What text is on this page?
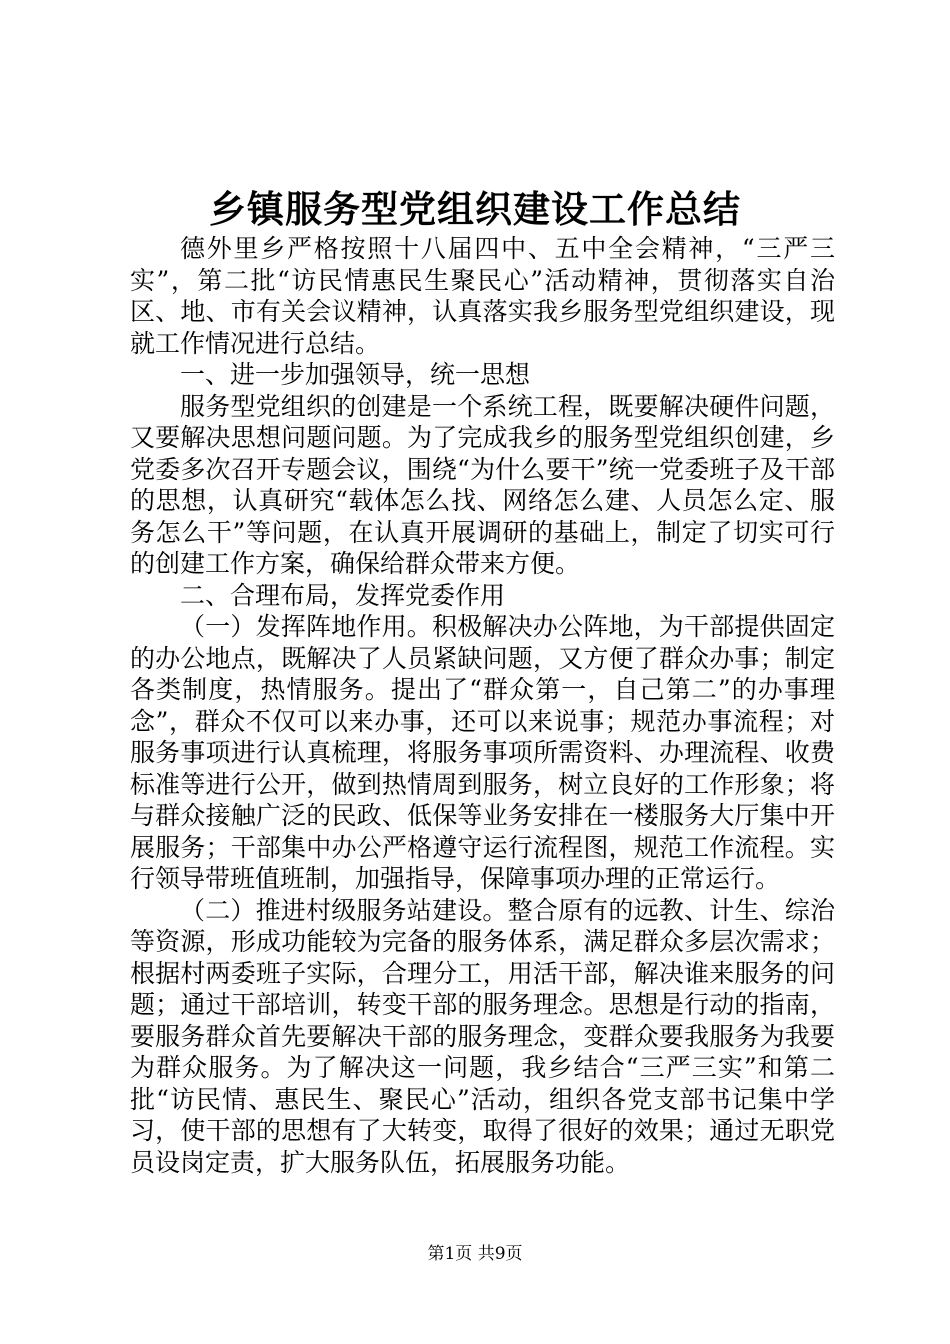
乡镇服务型党组织建设工作总结

德外里乡严格按照十八届四中、五中全会精神，“三严三实”，第二批“访民情惠民生聚民心”活动精神，贯彻落实自治区、地、市有关会议精神，认真落实我乡服务型党组织建设，现就工作情况进行总结。

一、进一步加强领导，统一思想

服务型党组织的创建是一个系统工程，既要解决硬件问题，又要解决思想问题问题。为了完成我乡的服务型党组织创建，乡党委多次召开专题会议，围绕“为什么要干”统一党委班子及干部的思想，认真研究“载体怎么找、网络怎么建、人员怎么定、服务怎么干”等问题，在认真开展调研的基础上，制定了切实可行的创建工作方案，确保给群众带来方便。

二、合理布局，发挥党委作用

（一）发挥阵地作用。积极解决办公阵地，为干部提供固定的办公地点，既解决了人员紧缺问题，又方便了群众办事；制定各类制度，热情服务。提出了“群众第一，自己第二”的办事理念”，群众不仅可以来办事，还可以来说事；规范办事流程；对服务事项进行认真梳理，将服务事项所需资料、办理流程、收费标准等进行公开，做到热情周到服务，树立良好的工作形象；将与群众接触广泛的民政、低保等业务安排在一楼服务大厅集中开展服务；干部集中办公严格遵守运行流程图，规范工作流程。实行领导带班值班制，加强指导，保障事项办理的正常运行。

（二）推进村级服务站建设。整合原有的远教、计生、综治等资源，形成功能较为完备的服务体系，满足群众多层次需求；根据村两委班子实际，合理分工，用活干部，解决谁来服务的问题；通过干部培训，转变干部的服务理念。思想是行动的指南，要服务群众首先要解决干部的服务理念，变群众要我服务为我要为群众服务。为了解决这一问题，我乡结合“三严三实”和第二批“访民情、惠民生、聚民心”活动，组织各党支部书记集中学习，使干部的思想有了大转变，取得了很好的效果；通过无职党员设岗定责，扩大服务队伍，拓展服务功能。

第1页 共9页
